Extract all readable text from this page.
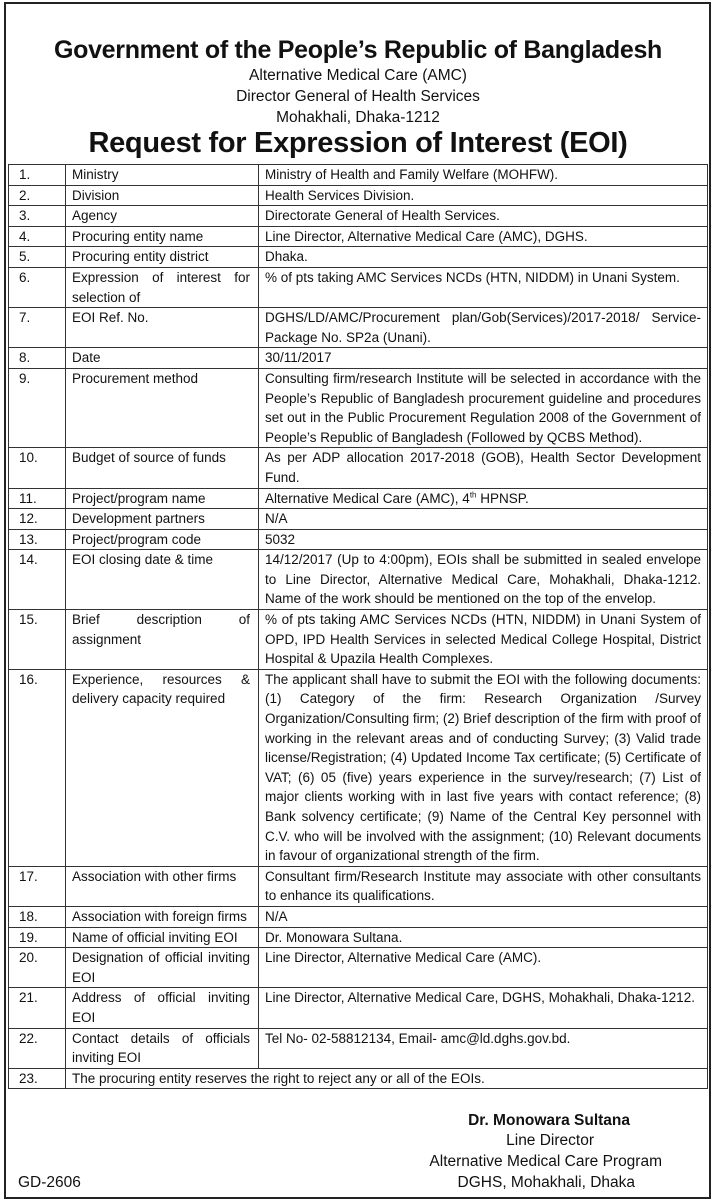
Government of the People’s Republic of Bangladesh
Alternative Medical Care (AMC)
Director General of Health Services
Mohakhali, Dhaka-1212
Request for Expression of Interest (EOI)
1.	Ministry	Ministry of Health and Family Welfare (MOHFW).
2.	Division	Health Services Division.
3.	Agency	Directorate General of Health Services.
4.	Procuring entity name	Line Director, Alternative Medical Care (AMC), DGHS.
5.	Procuring entity district	Dhaka.
6.	Expression of interest for selection of	% of pts taking AMC Services NCDs (HTN, NIDDM) in Unani System.
7.	EOI Ref. No.	DGHS/LD/AMC/Procurement plan/Gob(Services)/2017-2018/ Service-Package No. SP2a (Unani).
8.	Date	30/11/2017
9.	Procurement method	Consulting firm/research Institute will be selected in accordance with the People’s Republic of Bangladesh procurement guideline and procedures set out in the Public Procurement Regulation 2008 of the Government of People’s Republic of Bangladesh (Followed by QCBS Method).
10.	Budget of source of funds	As per ADP allocation 2017-2018 (GOB), Health Sector Development Fund.
11.	Project/program name	Alternative Medical Care (AMC), 4th HPNSP.
12.	Development partners	N/A
13.	Project/program code	5032
14.	EOI closing date & time	14/12/2017 (Up to 4:00pm), EOIs shall be submitted in sealed envelope to Line Director, Alternative Medical Care, Mohakhali, Dhaka-1212. Name of the work should be mentioned on the top of the envelop.
15.	Brief description of assignment	% of pts taking AMC Services NCDs (HTN, NIDDM) in Unani System of OPD, IPD Health Services in selected Medical College Hospital, District Hospital & Upazila Health Complexes.
16.	Experience, resources & delivery capacity required	The applicant shall have to submit the EOI with the following documents: (1) Category of the firm: Research Organization /Survey Organization/Consulting firm; (2) Brief description of the firm with proof of working in the relevant areas and of conducting Survey; (3) Valid trade license/Registration; (4) Updated Income Tax certificate; (5) Certificate of VAT; (6) 05 (five) years experience in the survey/research; (7) List of major clients working with in last five years with contact reference; (8) Bank solvency certificate; (9) Name of the Central Key personnel with C.V. who will be involved with the assignment; (10) Relevant documents in favour of organizational strength of the firm.
17.	Association with other firms	Consultant firm/Research Institute may associate with other consultants to enhance its qualifications.
18.	Association with foreign firms	N/A
19.	Name of official inviting EOI	Dr. Monowara Sultana.
20.	Designation of official inviting EOI	Line Director, Alternative Medical Care (AMC).
21.	Address of official inviting EOI	Line Director, Alternative Medical Care, DGHS, Mohakhali, Dhaka-1212.
22.	Contact details of officials inviting EOI	Tel No- 02-58812134, Email- amc@ld.dghs.gov.bd.
23.	The procuring entity reserves the right to reject any or all of the EOIs.	
Dr. Monowara Sultana
Line Director
Alternative Medical Care Program
DGHS, Mohakhali, Dhaka
GD-2606
